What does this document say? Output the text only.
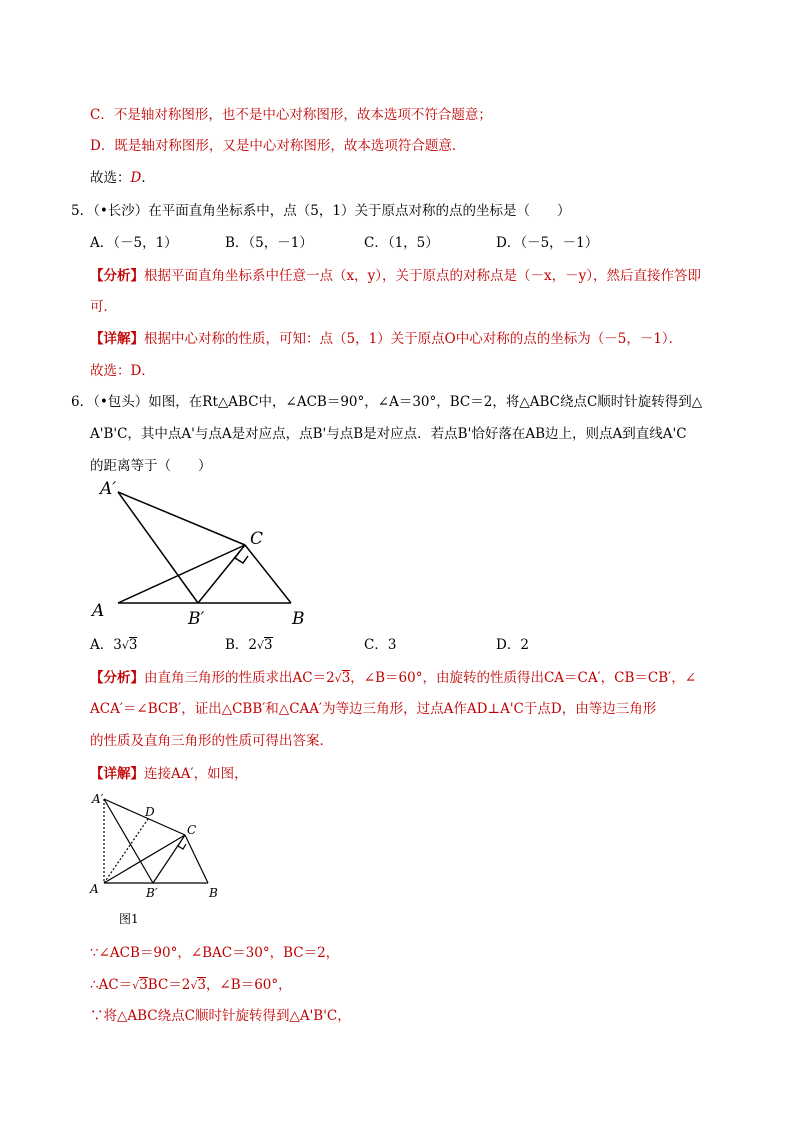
C．不是轴对称图形，也不是中心对称图形，故本选项不符合题意；
D．既是轴对称图形，又是中心对称图形，故本选项符合题意．
故选：D．
5．（•长沙）在平面直角坐标系中，点（5，1）关于原点对称的点的坐标是（　　）
A．（－5，1）	B．（5，－1）	C．（1，5）	D．（－5，－1）
【分析】根据平面直角坐标系中任意一点（x，y），关于原点的对称点是（－x，－y），然后直接作答即
可．
【详解】根据中心对称的性质，可知：点（5，1）关于原点O中心对称的点的坐标为（－5，－1）．
故选：D．
6．（•包头）如图，在Rt△ABC中，∠ACB＝90°，∠A＝30°，BC＝2，将△ABC绕点C顺时针旋转得到△
A'B'C，其中点A'与点A是对应点，点B'与点B是对应点．若点B'恰好落在AB边上，则点A到直线A'C
的距离等于（　　）
A′
C
A	B′	B
A．3√3	B．2√3	C．3	D．2
【分析】由直角三角形的性质求出AC＝2√3，∠B＝60°，由旋转的性质得出CA＝CA′，CB＝CB′，∠
ACA′＝∠BCB′，证出△CBB′和△CAA′为等边三角形，过点A作AD⊥A'C于点D，由等边三角形
的性质及直角三角形的性质可得出答案．
【详解】连接AA′，如图，
A′
D
C
A	B′	B
图1
∵∠ACB＝90°，∠BAC＝30°，BC＝2，
∴AC＝√3BC＝2√3，∠B＝60°，
∵将△ABC绕点C顺时针旋转得到△A'B'C，
